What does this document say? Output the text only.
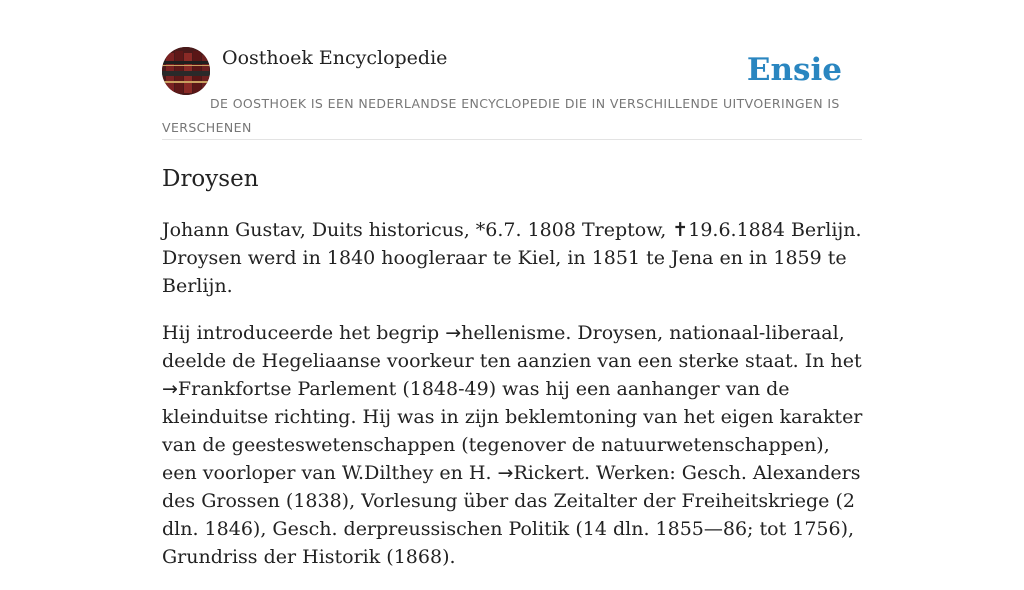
Oosthoek Encyclopedie	Ensie
DE OOSTHOEK IS EEN NEDERLANDSE ENCYCLOPEDIE DIE IN VERSCHILLENDE UITVOERINGEN IS VERSCHENEN
Droysen

Johann Gustav, Duits historicus, *6.7. 1808 Treptow, ✝19.6.1884 Berlijn. Droysen werd in 1840 hoogleraar te Kiel, in 1851 te Jena en in 1859 te Berlijn.

Hij introduceerde het begrip →hellenisme. Droysen, nationaal-liberaal, deelde de Hegeliaanse voorkeur ten aanzien van een sterke staat. In het →Frankfortse Parlement (1848-49) was hij een aanhanger van de kleinduitse richting. Hij was in zijn beklemtoning van het eigen karakter van de geesteswetenschappen (tegenover de natuurwetenschappen), een voorloper van W.Dilthey en H. →Rickert. Werken: Gesch. Alexanders des Grossen (1838), Vorlesung über das Zeitalter der Freiheitskriege (2 dln. 1846), Gesch. derpreussischen Politik (14 dln. 1855—86; tot 1756), Grundriss der Historik (1868).
